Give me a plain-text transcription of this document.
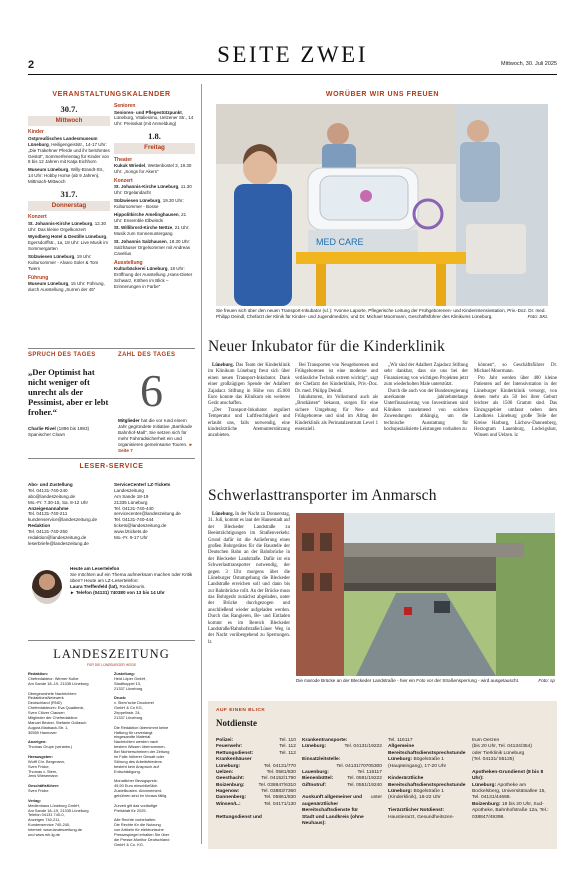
SEITE ZWEI
2	Mittwoch, 30. Juli 2025
VERANSTALTUNGSKALENDER
30.7.
Mittwoch
Kinder
Ostpreußisches Landesmuseum Lüneburg, Heiligengeiststr., 14-17 Uhr: „Die Trakehner Pferde und ihr berühmtes Gestüt“, Sommerferientag für Kinder von 8 bis 12 Jahren mit Katja Eichhorn
Museum Lüneburg, Willy-Brandt-Str., 14 Uhr: Hobby Horse (ab 9 Jahren), Mittmach-Mittwoch
31.7.
Donnerstag
Konzert
St. Johannis-Kirche Lüneburg, 12.30 Uhr: Das kleine Orgelkonzert
Wyndberg Hotel & Destille Lüneburg, Egersdorffstr., 1a, 18 Uhr: Live Musik im Sommergarten
Sülzwiesen Lüneburg, 19 Uhr: Kultursommer - Alvaro Soler & Tom Twers
Führung
Museum Lüneburg, 15 Uhr: Führung, durch Ausstellung „Surren der 45“
Senioren
Senioren- und Pflegestützpunkt, Lüneburg, Vitaliesimo, Uelzener Str., 14 Uhr: Preisskat (mit Anmeldung)
1.8.
Freitag
Theater
Kukuk Wriedel, Wettenbostel 3, 19.30 Uhr: „Songs for Akers“
Konzert
St. Johannis-Kirche Lüneburg, 11.30 Uhr: Orgelandacht
Sülzwiesen Lüneburg, 19.30 Uhr: Kultursommer - Bosse
Hippolitkirche Amelinghausen, 21 Uhr: Ensemble Elbwinds
St. Willibrord-Kirche Nettze, 21 Uhr: Musik zum Sonnenuntergang
St. Johannis Salzhausen, 18.30 Uhr: Salzhäuser Orgelsommer mit Andreas Cavelius
Ausstellung
Kulturbäckerei Lüneburg, 18 Uhr: Eröffnung der Ausstellung „Hans-Dieter Schwarz, Köthen im Blick – Erinnerungen in Farbe“
SPRUCH DES TAGES
„Der Optimist hat nicht weniger oft unrecht als der Pessimist, aber er lebt froher.“
Charlie Rivel (1896 bis 1983) Spanischer Clown
ZAHL DES TAGES
6
Mitglieder hat die vor rund einem Jahr gegründete Initiative „Barrikade Bahnhof-Mall“. Sie setzen sich für mehr Fahrradsicherheit ein und organisieren gemeinsame Touren. ► Seite 7
LESER-SERVICE
Abo- und Zustellung
Tel. 04131-740-240
abo@landeszeitung.de
Mo.-Fr. 7.30-15, Sa. 8-12 Uhr
Anzeigenannahme
Tel. 04131-740-211
kundenservice@landeszeitung.de
Redaktion
Tel. 04131-740-250
redaktion@landeszeitung.de
leserbriefe@landeszeitung.de
ServiceCenter/ LZ-Tickets
Landeszeitung
Am Sande 18-19
21335 Lüneburg
Tel. 04131-740-440
servicecenter@landeszeitung.de
Tel. 04131-740-444
tickets@landeszeitung.de
www.lztickets.de
Mo.-Fr. 9-17 Uhr
Heute am Lesertelefon
Sie möchten auf ein Thema aufmerksam machen oder Kritik üben? Heute am LZ-Lesertelefon:
Laura Treffenfeld (lat), Redakteurin.
► Telefon (04131) 740380 von 13 bis 14 Uhr
LANDESZEITUNG
FÜR DIE LÜNEBURGER HEIDE
Redaktion:
Chefredakteur: Werner Kolbe
Am Sande 18–19, 21335 Lüneburg

Übergeordnete Nachrichten:
RedaktionsNetzwerk
Deutschland (RND)
Chefredakteurin: Eva Quadbeck,
Sven Clöver Clausen
Mitglieder der Chefredaktion:
Manuel Becker, Stefanie Gollasch
August-Madsack-Str. 1,
30559 Hannover

Anzeigen:
Thomas Grupe (verantw.)

Herausgeber:
Wolff Chr. Bergmann,
Sven Fricke,
Thomas v. Stern,
Jens Wiesemann

Geschäftsführer:
Sven Fricke

Verlag:
Medienhaus Lüneburg GmbH,
Am Sande 18–19, 21335 Lüneburg
Telefon 04131 740-0,
Anzeigen 740-211,
Kundenservice 740-240,
Internet: www.landeszeitung.de
und www.mh-lg.de
Zustellung:
Heid Löper GmbH,
Stadtkoppel 13,
21337 Lüneburg

Druck:
v. Stern'sche Druckerei
GmbH & Co KG,
Zeppelinstr. 24,
21337 Lüneburg

Die Redaktion übernimmt keine
Haftung für unverlangt
eingesandte Material.
Nachrichten werden nach
bestem Wissen übernommen.
Bei Nichterscheinen der Zeitung
im Falle höherer Gewalt oder
Störung des Arbeitsfriedens
besteht kein Anspruch auf
Entschädigung.

Monatlicher Bezugspreis:
49,90 Euro einschließlich
Zustellkosten. Abonnement-
gebühren sind im Voraus fällig.

Zurzeit gilt das vorläufige
Preisblatt für 2025.

Alle Rechte vorbehalten.
Die Rechte für die Nutzung
von Artikeln für elektronische
Pressespiegel erhalten Sie über
die Presse-Monitor Deutschland
GmbH & Co. KG.
WORÜBER WIR UNS FREUEN
MED CARE
Sie freuen sich über den neuen Transport-Inkubator (v.l.): Yvonne Laporte, Pflegerische Leitung der Frühgeborenen- und Kinderintensivstation, Priv.-Doz. Dr. med. Philipp Deindl, Chefarzt der Klinik für Kinder- und Jugendmedizin, und Dr. Michael Moormann, Geschäftsführer des Klinikums Lüneburg.	Foto: SKL
Neuer Inkubator für die Kinderklinik

Lüneburg. Das Team der Kinderklinik im Klinikum Lüneburg freut sich über einen neuen Transport-Inkubator. Dank einer großzügigen Spende der Adalbert Zajadacz Stiftung in Höhe von 45.000 Euro konnte das Klinikum ein weiteres Gerät anschaffen.

„Der Transport-Inkubator reguliert Temperatur und Luftfeuchtigkeit und erlaubt uns, falls notwendig, eine kinderärztliche Atemunterstützung anzubieten.

Bei Transporten von Neugeborenen und Frühgeborenen ist eine moderne und verlässliche Technik extrem wichtig“, sagt der Chefarzt der Kinderklinik, Priv.-Doz. Dr. med. Philipp Deindl.

Inkubatoren, im Volksmund auch als „Brutkästen“ bekannt, sorgen für eine sichere Umgebung für Neu- und Frühgeborene und sind im Alltag der Kinderklinik als Perinatalzentrum Level 1 essenziell.

„Wir sind der Adalbert Zajadacz Stiftung sehr dankbar, dass sie uns bei der Finanzierung von wichtigen Projekten jetzt zum wiederholten Male unterstützt.

Durch die auch von der Bundesregierung anerkannte jahrzehntelange Unterfinanzierung von Investitionen sind Kliniken zunehmend von solchen Zuwendungen abhängig, um die technische Ausstattung für hochspezialisierte Leistungen vorhalten zu

können“, so Geschäftsführer Dr. Michael Moormann.

Pro Jahr werden über 400 kleine Patienten auf der Intensivstation in der Lüneburger Kinderklinik versorgt, von denen mehr als 50 bei ihrer Geburt leichter als 1500 Gramm sind. Das Einzugsgebiet umfasst neben dem Landkreis Lüneburg große Teile der Kreise Harburg, Lüchow-Dannenberg, Herzogtum Lauenburg, Ludwigslust, Winsen und Uelzen. lz

Schwerlasttransporter im Anmarsch

Lüneburg. In der Nacht zu Donnerstag, 31. Juli, kommt es laut der Hansestadt auf der Bleckeder Landstraße zu Beeinträchtigungen im Straßenverkehr. Grund dafür ist die Anlieferung eines großen Bohrgerätes für die Baustelle der Deutschen Bahn an der Bahnbrücke in der Bleckeder Landstraße. Dafür ist ein Schwerlasttransporter notwendig, der gegen 3 Uhr morgens über die Lüneburger Ostumgehung die Bleckeder Landstraße erreichen soll und dann bis zur Bahnbrücke rollt. An der Brücke muss das Bohrgerät zunächst abgeladen, unter der Brücke durchgezogen und anschließend wieder aufgeladen werden. Durch das Rangieren, Be- und Entladen kommt es im Bereich Bleckeder Landstraße/Bahnhofstraße/Lüner Weg in der Nacht vorübergehend zu Sperrungen. lz

Die marode Brücke an der Bleckeder Landstraße - hier ein Foto vor der Straßensperrung - wird ausgetauscht.	Foto: sp
AUF EINEN BLICK
Notdienste
Polizei:	Tel. 110
Feuerwehr:	Tel. 112
Rettungsdienst:	Tel. 112
Krankenhäuser
Lüneburg:	Tel. 04131/770
Uelzen:	Tel. 0581/830
Geesthacht:	Tel. 04152/1790
Boizenburg:	Tel. 038847/6310
Hagenow:	Tel. 03883/7360
Dannenberg:	Tel. 05861/830
Winsen/L.:	Tel. 04171/130

Rettungsdienst und
Krankentransporte:
Lüneburg:	Tel. 04131/19222

Einsatzleitstelle:
Tel. 04131/70705300
Lauenburg:	Tel. 116117
Bienenbüttel:	Tel. 0581/19222
Giftnotruf:	Tel. 0551/19240

Auskunft allgemeiner und augenärztlicher Bereitschaftsdienste für Stadt und Landkreis (ohne Neuhaus):
unter
Tel. 116117
Allgemeine Bereitschaftsdienstsprechstunde Lüneburg: Bögelstraße 1 (Haupteingang), 17-20 Uhr

Kinderärztliche Bereitschaftsdienstsprechstunde Lüneburg: Bögelstraße 1 (Kinderklinik), 16-22 Uhr

Tierärztlicher Notdienst:
Haustierarzt, Gesundheitszen-
trum Oerzen
(bis 20 Uhr, Tel. 04134/354)
oder Tierklinik Lüneburg
(Tel. 04131/ 55125)

Apotheken-Grundienst (8 bis 8 Uhr):
Lüneburg: Apotheke am Bockelsberg, Universitätsallee 15, Tel. 04131/44688.
Boizenburg: 18 bis 20 Uhr, Sud-Apotheke, Bahnhofstraße 12a, Tel.: 038847/49398.
